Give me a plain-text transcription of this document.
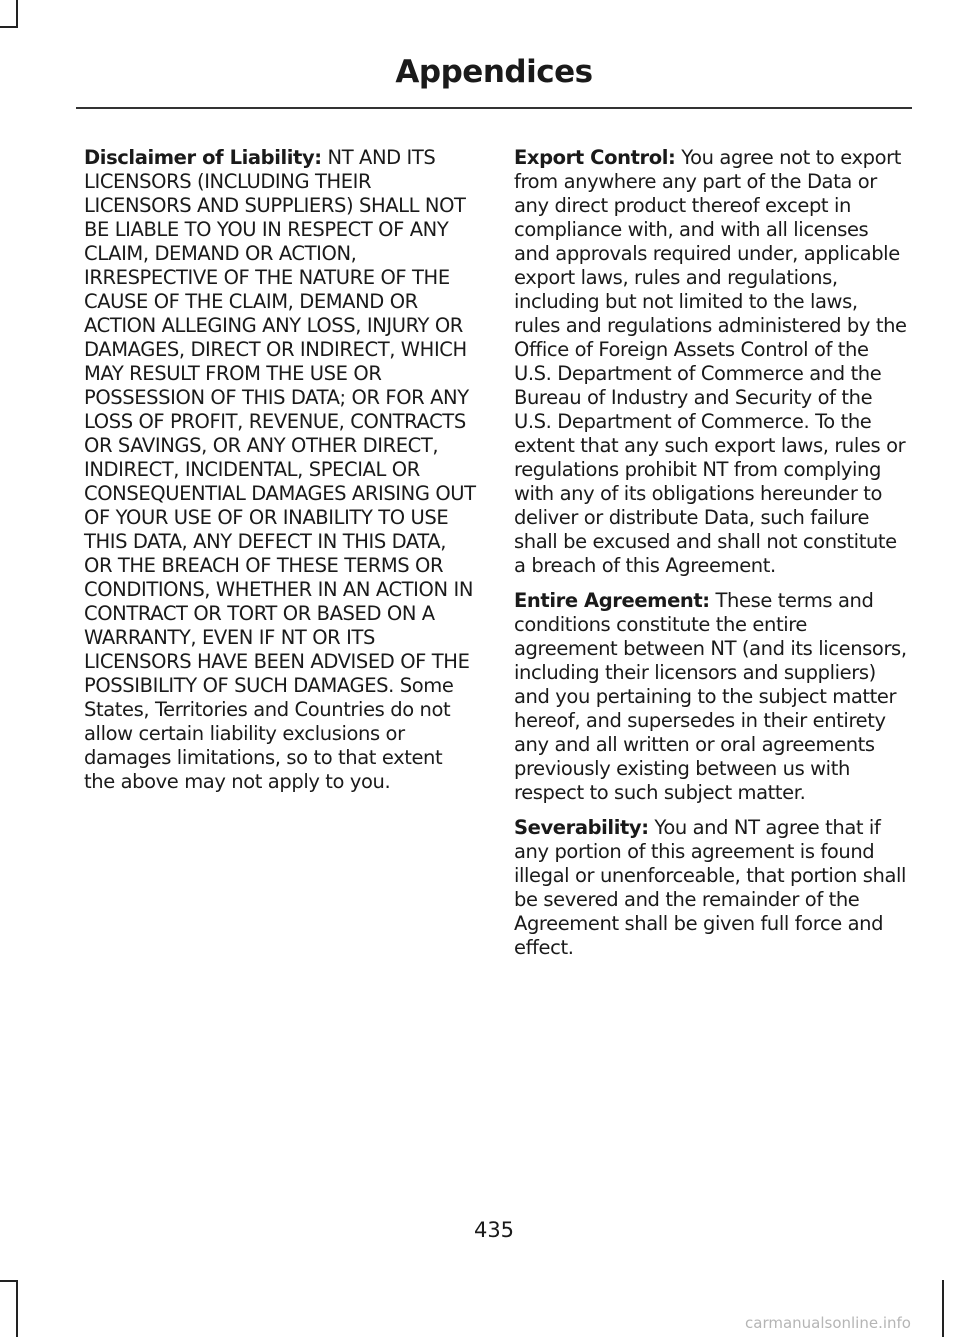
Appendices

Disclaimer of Liability: NT AND ITS LICENSORS (INCLUDING THEIR LICENSORS AND SUPPLIERS) SHALL NOT BE LIABLE TO YOU IN RESPECT OF ANY CLAIM, DEMAND OR ACTION, IRRESPECTIVE OF THE NATURE OF THE CAUSE OF THE CLAIM, DEMAND OR ACTION ALLEGING ANY LOSS, INJURY OR DAMAGES, DIRECT OR INDIRECT, WHICH MAY RESULT FROM THE USE OR POSSESSION OF THIS DATA; OR FOR ANY LOSS OF PROFIT, REVENUE, CONTRACTS OR SAVINGS, OR ANY OTHER DIRECT, INDIRECT, INCIDENTAL, SPECIAL OR CONSEQUENTIAL DAMAGES ARISING OUT OF YOUR USE OF OR INABILITY TO USE THIS DATA, ANY DEFECT IN THIS DATA, OR THE BREACH OF THESE TERMS OR CONDITIONS, WHETHER IN AN ACTION IN CONTRACT OR TORT OR BASED ON A WARRANTY, EVEN IF NT OR ITS LICENSORS HAVE BEEN ADVISED OF THE POSSIBILITY OF SUCH DAMAGES. Some States, Territories and Countries do not allow certain liability exclusions or damages limitations, so to that extent the above may not apply to you.

Export Control: You agree not to export from anywhere any part of the Data or any direct product thereof except in compliance with, and with all licenses and approvals required under, applicable export laws, rules and regulations, including but not limited to the laws, rules and regulations administered by the Office of Foreign Assets Control of the U.S. Department of Commerce and the Bureau of Industry and Security of the U.S. Department of Commerce. To the extent that any such export laws, rules or regulations prohibit NT from complying with any of its obligations hereunder to deliver or distribute Data, such failure shall be excused and shall not constitute a breach of this Agreement.

Entire Agreement: These terms and conditions constitute the entire agreement between NT (and its licensors, including their licensors and suppliers) and you pertaining to the subject matter hereof, and supersedes in their entirety any and all written or oral agreements previously existing between us with respect to such subject matter.

Severability: You and NT agree that if any portion of this agreement is found illegal or unenforceable, that portion shall be severed and the remainder of the Agreement shall be given full force and effect.

435
carmanualsonline.info
